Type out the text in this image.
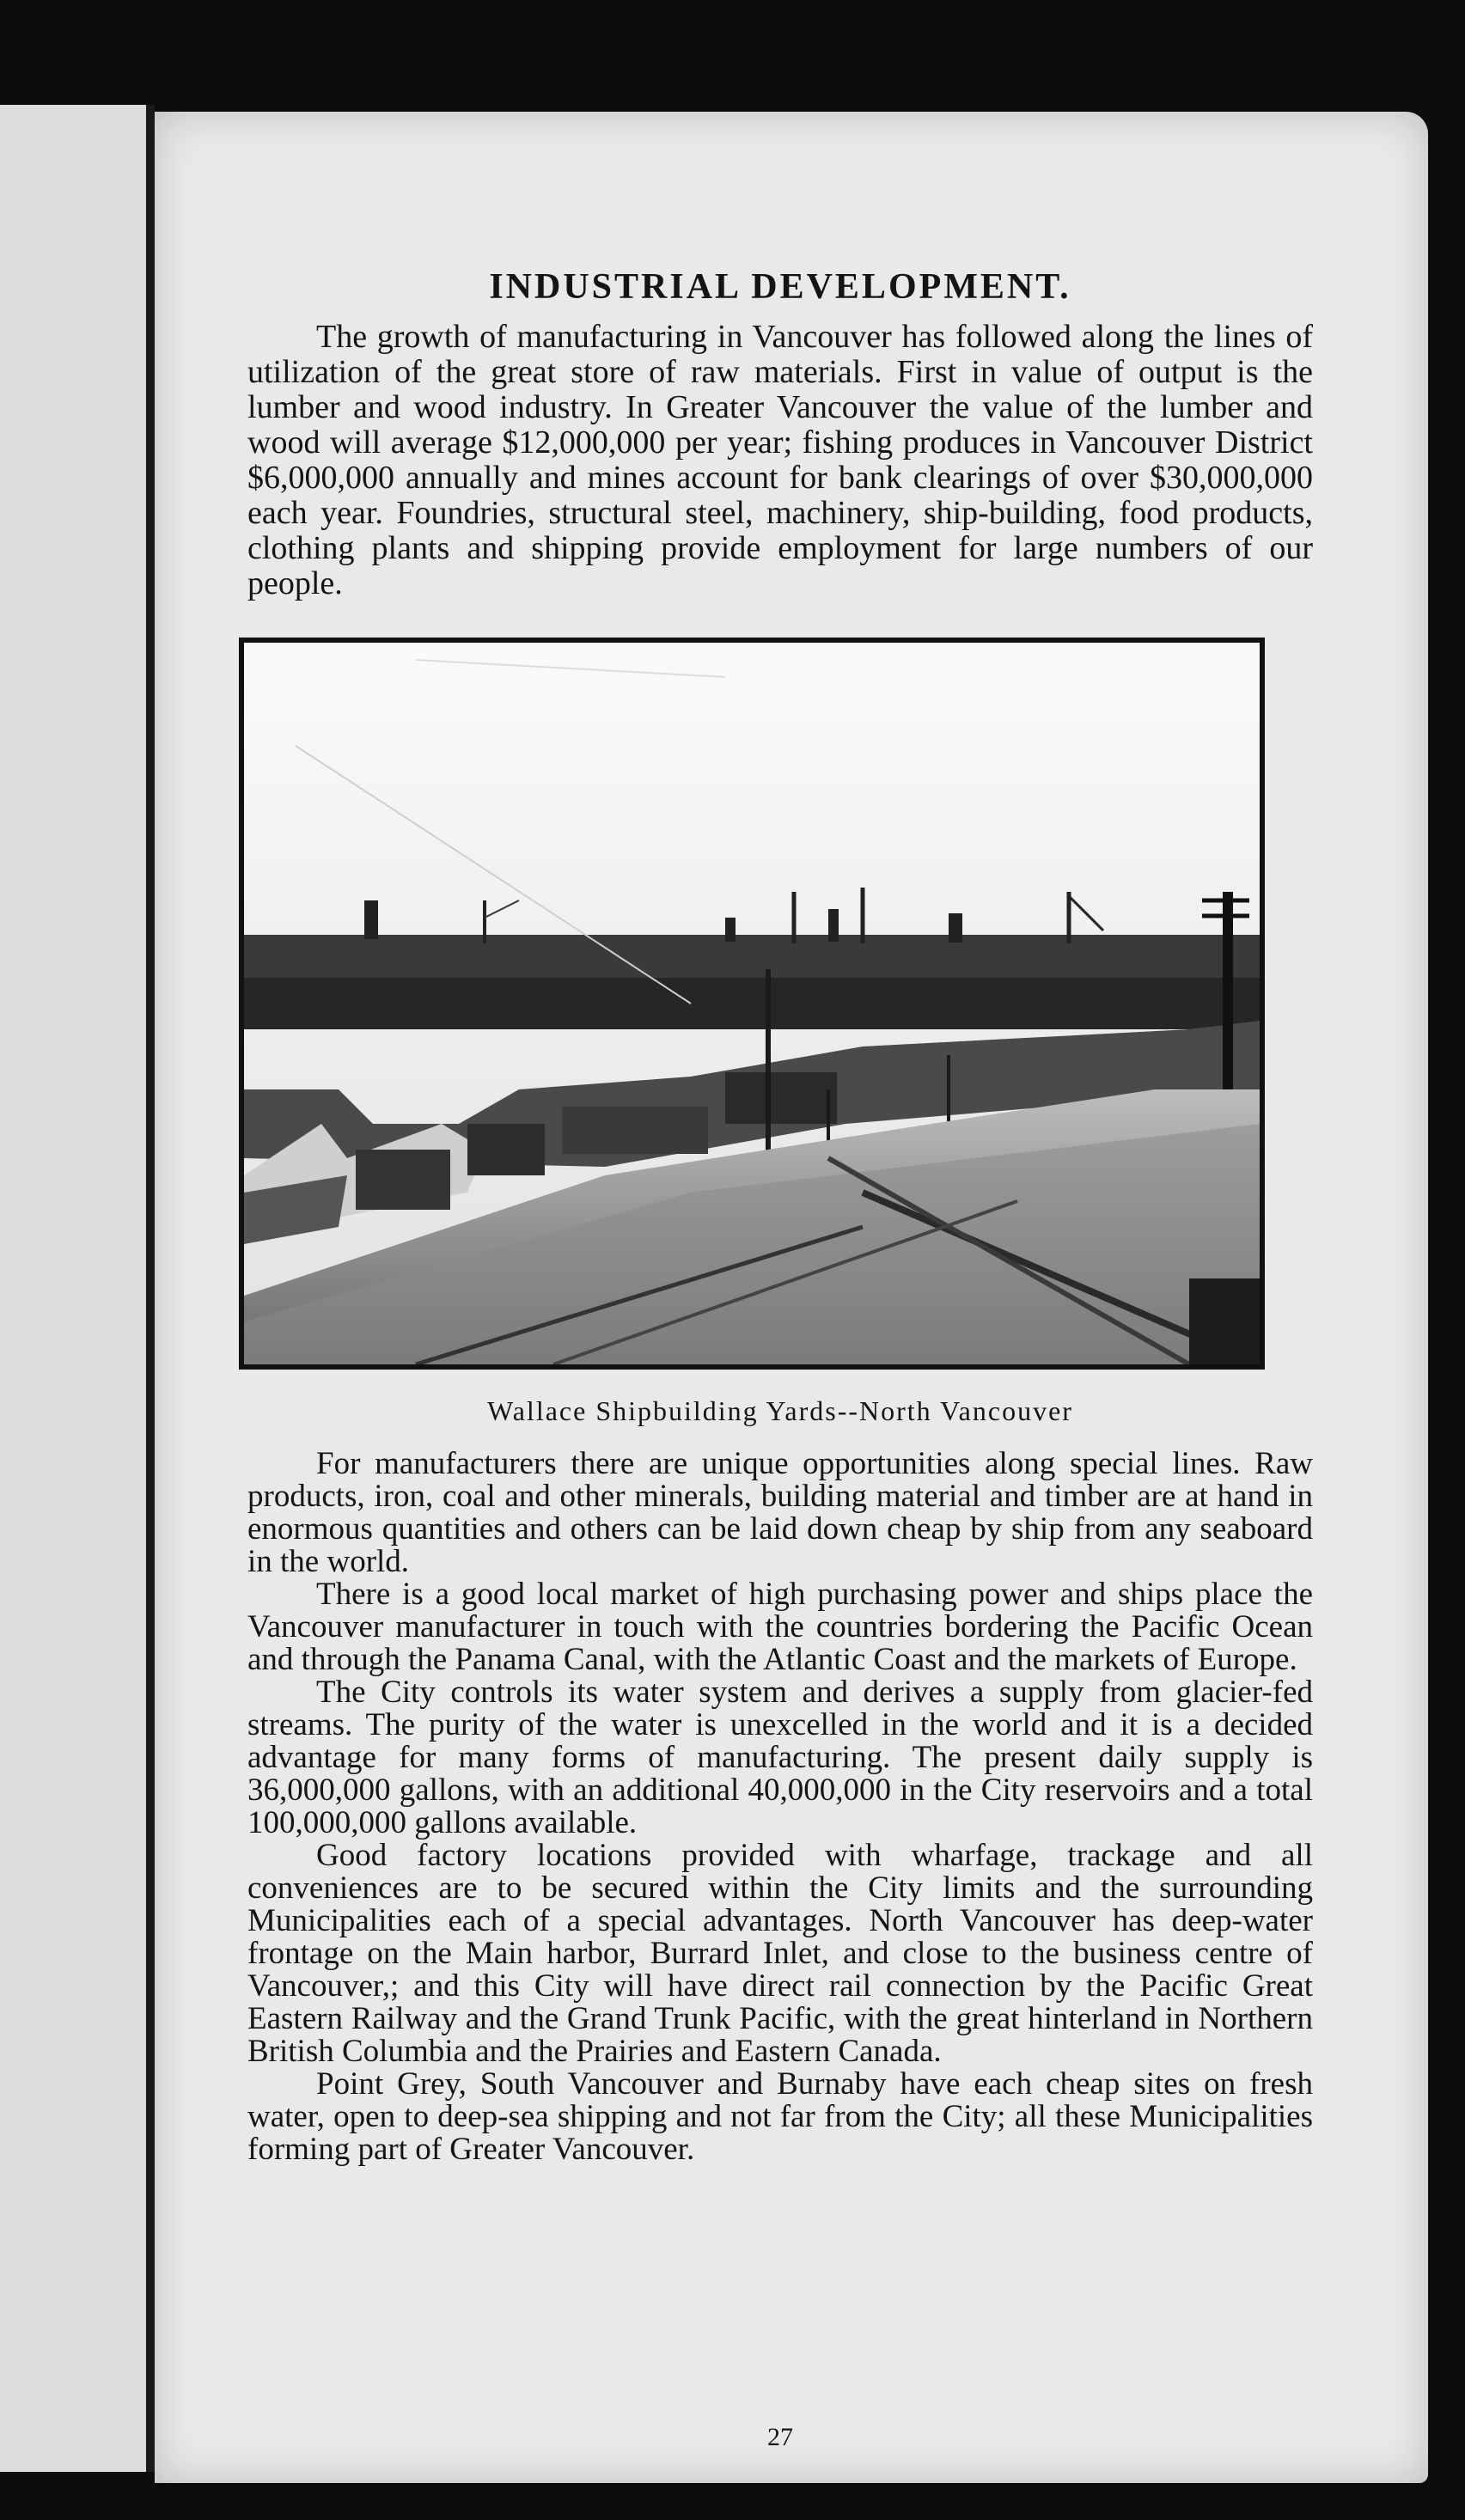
INDUSTRIAL DEVELOPMENT.

The growth of manufacturing in Vancouver has followed along the lines of utilization of the great store of raw materials. First in value of output is the lumber and wood industry. In Greater Vancouver the value of the lumber and wood will average $12,000,000 per year; fishing produces in Vancouver District $6,000,000 annually and mines account for bank clearings of over $30,000,000 each year. Foundries, structural steel, machinery, ship-building, food products, clothing plants and shipping provide employment for large numbers of our people.

Wallace Shipbuilding Yards--North Vancouver

For manufacturers there are unique opportunities along special lines. Raw products, iron, coal and other minerals, building material and timber are at hand in enormous quantities and others can be laid down cheap by ship from any seaboard in the world.

There is a good local market of high purchasing power and ships place the Vancouver manufacturer in touch with the countries bordering the Pacific Ocean and through the Panama Canal, with the Atlantic Coast and the markets of Europe.

The City controls its water system and derives a supply from glacier-fed streams. The purity of the water is unexcelled in the world and it is a decided advantage for many forms of manufacturing. The present daily supply is 36,000,000 gallons, with an additional 40,000,000 in the City reservoirs and a total 100,000,000 gallons available.

Good factory locations provided with wharfage, trackage and all conveniences are to be secured within the City limits and the surrounding Municipalities each of a special advantages. North Vancouver has deep-water frontage on the Main harbor, Burrard Inlet, and close to the business centre of Vancouver,; and this City will have direct rail connection by the Pacific Great Eastern Railway and the Grand Trunk Pacific, with the great hinterland in Northern British Columbia and the Prairies and Eastern Canada.

Point Grey, South Vancouver and Burnaby have each cheap sites on fresh water, open to deep-sea shipping and not far from the City; all these Municipalities forming part of Greater Vancouver.

27
